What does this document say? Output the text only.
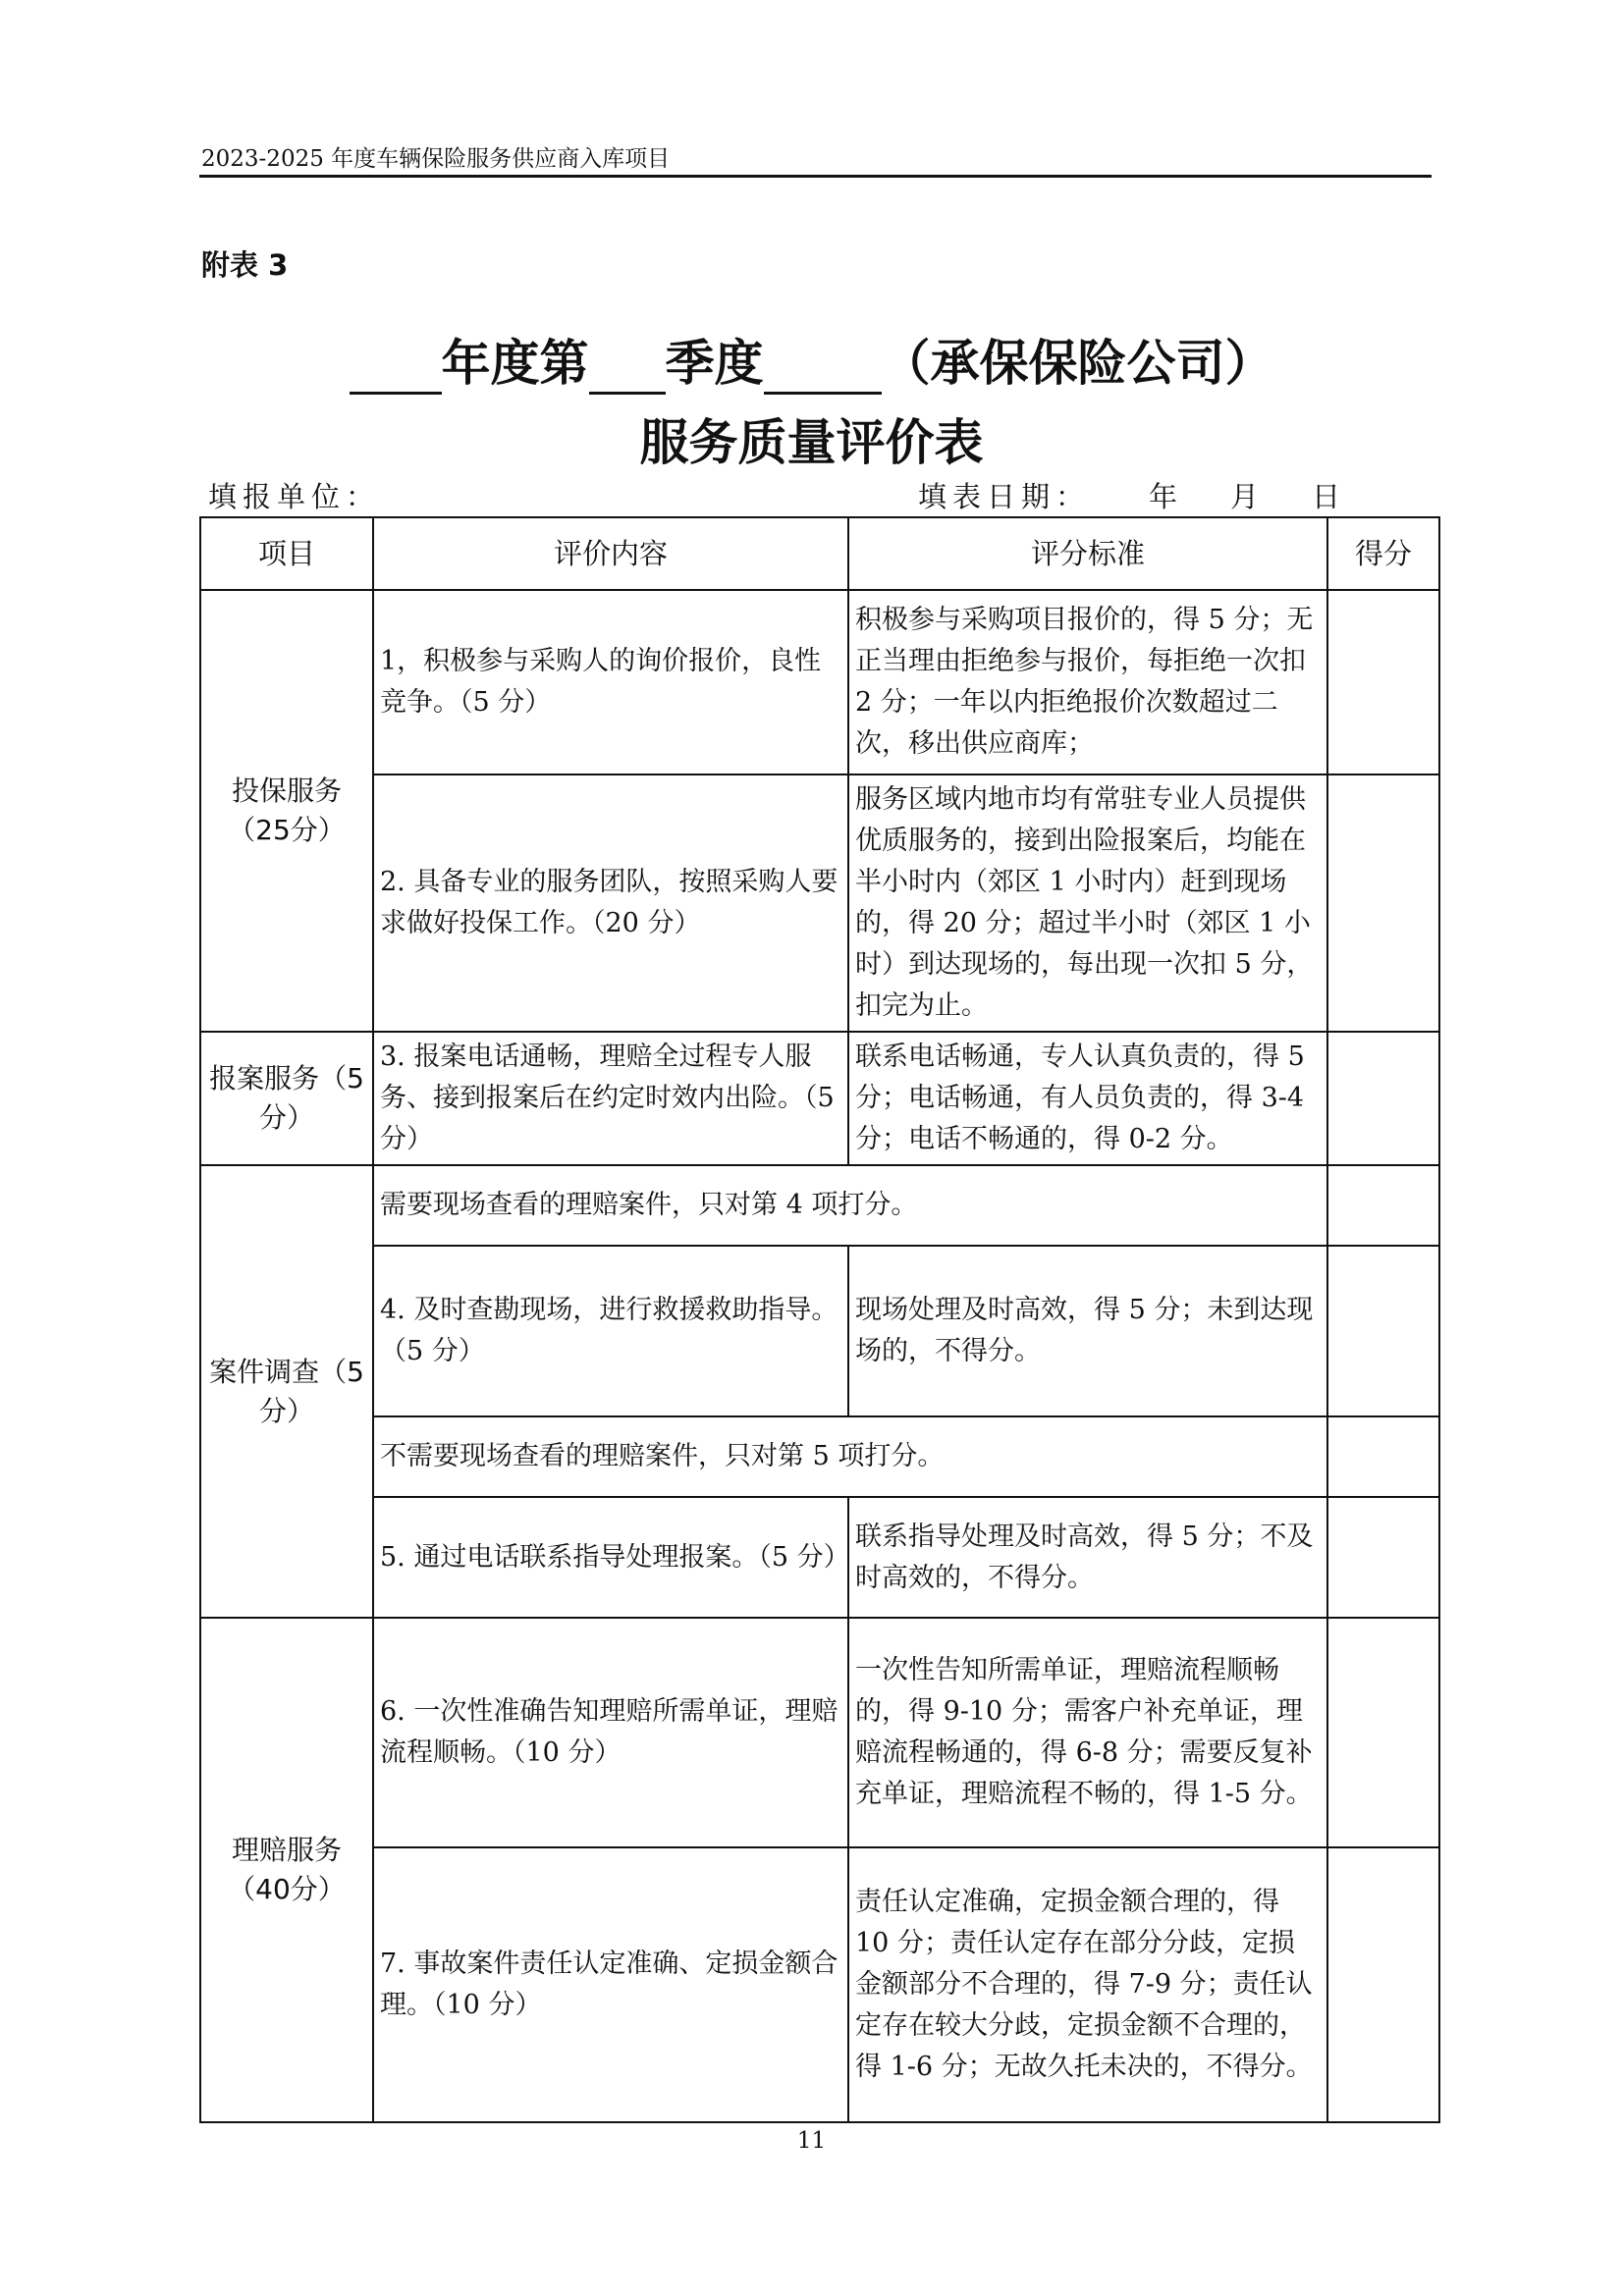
2023-2025 年度车辆保险服务供应商入库项目
附表 3
年度第 季度 （承保保险公司）
服务质量评价表
填报单位：	填表日期： 年 月 日
项目	评价内容	评分标准	得分
投保服务（25分）	1，积极参与采购人的询价报价，良性竞争。（5 分）	积极参与采购项目报价的，得 5 分；无正当理由拒绝参与报价，每拒绝一次扣 2 分；一年以内拒绝报价次数超过二次，移出供应商库；	
	2. 具备专业的服务团队，按照采购人要求做好投保工作。（20 分）	服务区域内地市均有常驻专业人员提供优质服务的，接到出险报案后，均能在半小时内（郊区 1 小时内）赶到现场的，得 20 分；超过半小时（郊区 1 小时）到达现场的，每出现一次扣 5 分，扣完为止。	
报案服务（5分）	3. 报案电话通畅，理赔全过程专人服务、接到报案后在约定时效内出险。（5 分）	联系电话畅通，专人认真负责的，得 5 分；电话畅通，有人员负责的，得 3-4 分；电话不畅通的，得 0-2 分。	
案件调查（5分）	需要现场查看的理赔案件，只对第 4 项打分。		
	4. 及时查勘现场，进行救援救助指导。（5 分）	现场处理及时高效，得 5 分；未到达现场的，不得分。	
	不需要现场查看的理赔案件，只对第 5 项打分。		
	5. 通过电话联系指导处理报案。（5 分）	联系指导处理及时高效，得 5 分；不及时高效的，不得分。	
理赔服务（40分）	6. 一次性准确告知理赔所需单证，理赔流程顺畅。（10 分）	一次性告知所需单证，理赔流程顺畅的，得 9-10 分；需客户补充单证，理赔流程畅通的，得 6-8 分；需要反复补充单证，理赔流程不畅的，得 1-5 分。	
	7. 事故案件责任认定准确、定损金额合理。（10 分）	责任认定准确，定损金额合理的，得 10 分；责任认定存在部分分歧，定损金额部分不合理的，得 7-9 分；责任认定存在较大分歧，定损金额不合理的，得 1-6 分；无故久托未决的，不得分。	
11
